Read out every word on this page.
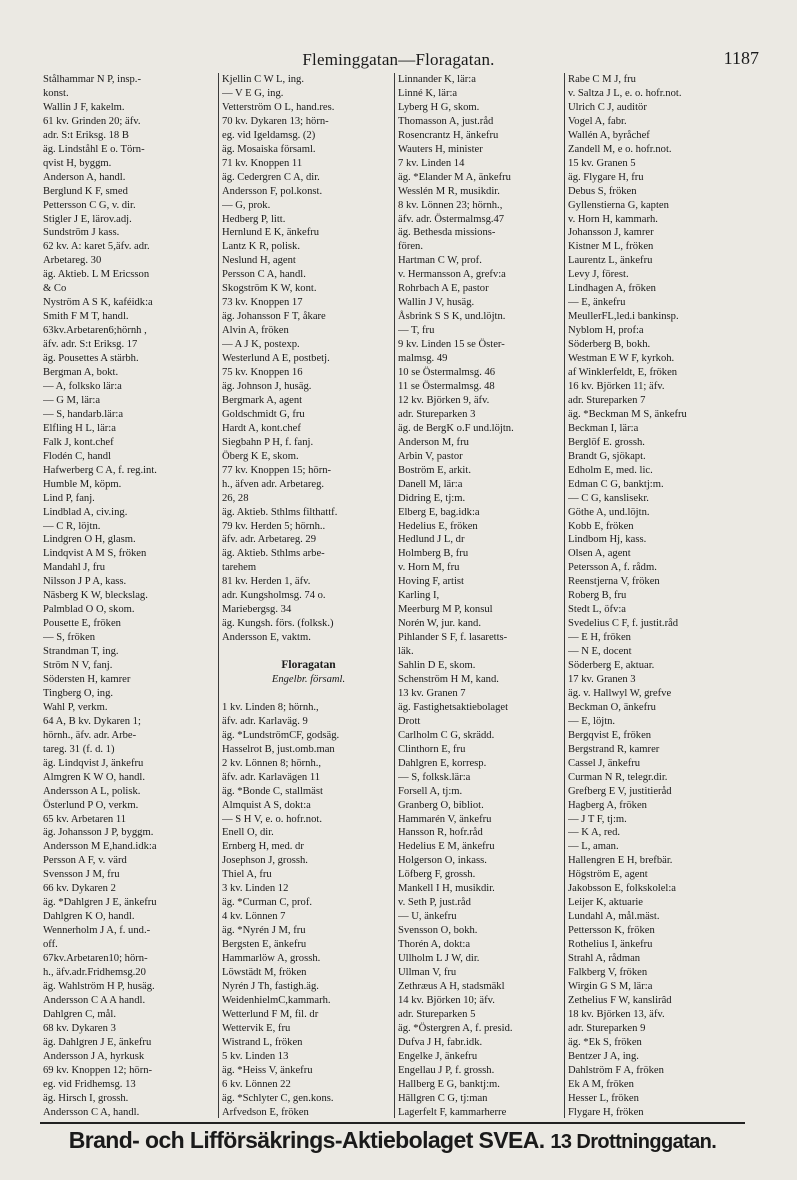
Fleminggatan—Floragatan.	1187
Stålhammar N P, insp.-
konst.
Wallin J F, kakelm.
61 kv. Grinden 20; äfv.
adr. S:t Eriksg. 18 B
äg. Lindståhl E o. Törn-
qvist H, byggm.
Anderson A, handl.
Berglund K F, smed
Pettersson C G, v. dir.
Stigler J E, lärov.adj.
Sundström J kass.
62 kv. A: karet 5,äfv. adr.
Arbetareg. 30
äg. Aktieb. L M Ericsson
& Co
Nyström A S K, kaféidk:a
Smith F M T, handl.
63kv.Arbetaren6;hörnh ,
äfv. adr. S:t Eriksg. 17
äg. Pousettes A stärbh.
Bergman A, bokt.
— A, folksko lär:a
— G M, lär:a
— S, handarb.lär:a
Elfling H L, lär:a
Falk J, kont.chef
Flodén C, handl
Hafwerberg C A, f. reg.int.
Humble M, köpm.
Lind P, fanj.
Lindblad A, civ.ing.
— C R, löjtn.
Lindgren O H, glasm.
Lindqvist A M S, fröken
Mandahl J, fru
Nilsson J P A, kass.
Näsberg K W, bleckslag.
Palmblad O O, skom.
Pousette E, fröken
— S, fröken
Strandman T, ing.
Ström N V, fanj.
Södersten H, kamrer
Tingberg O, ing.
Wahl P, verkm.
64 A, B kv. Dykaren 1;
hörnh., äfv. adr. Arbe-
tareg. 31 (f. d. 1)
äg. Lindqvist J, änkefru
Almgren K W O, handl.
Andersson A L, polisk.
Österlund P O, verkm.
65 kv. Arbetaren 11
äg. Johansson J P, byggm.
Andersson M E,hand.idk:a
Persson A F, v. värd
Svensson J M, fru
66 kv. Dykaren 2
äg. *Dahlgren J E, änkefru
Dahlgren K O, handl.
Wennerholm J A, f. und.-
off.
67kv.Arbetaren10; hörn-
h., äfv.adr.Fridhemsg.20
äg. Wahlström H P, husäg.
Andersson C A A handl.
Dahlgren C, mål.
68 kv. Dykaren 3
äg. Dahlgren J E, änkefru
Andersson J A, hyrkusk
69 kv. Knoppen 12; hörn-
eg. vid Fridhemsg. 13
äg. Hirsch I, grossh.
Andersson C A, handl.
Kjellin C W L, ing.
— V E G, ing.
Vetterström O L, hand.res.
70 kv. Dykaren 13; hörn-
eg. vid Igeldamsg. (2)
äg. Mosaiska församl.
71 kv. Knoppen 11
äg. Cedergren C A, dir.
Andersson F, pol.konst.
— G, prok.
Hedberg P, litt.
Hernlund E K, änkefru
Lantz K R, polisk.
Neslund H, agent
Persson C A, handl.
Skogström K W, kont.
73 kv. Knoppen 17
äg. Johansson F T, åkare
Alvin A, fröken
— A J K, postexp.
Westerlund A E, postbetj.
75 kv. Knoppen 16
äg. Johnson J, husäg.
Bergmark A, agent
Goldschmidt G, fru
Hardt A, kont.chef
Siegbahn P H, f. fanj.
Öberg K E, skom.
77 kv. Knoppen 15; hörn-
h., äfven adr. Arbetareg.
26, 28
äg. Aktieb. Sthlms filthattf.
79 kv. Herden 5; hörnh..
äfv. adr. Arbetareg. 29
äg. Aktieb. Sthlms arbe-
tarehem
81 kv. Herden 1, äfv.
adr. Kungsholmsg. 74 o.
Mariebergsg. 34
äg. Kungsh. förs. (folksk.)
Andersson E, vaktm.

Floragatan
Engelbr. församl.

1 kv. Linden 8; hörnh.,
äfv. adr. Karlaväg. 9
äg. *LundströmCF, godsäg.
Hasselrot B, just.omb.man
2 kv. Lönnen 8; hörnh.,
äfv. adr. Karlavägen 11
äg. *Bonde C, stallmäst
Almquist A S, dokt:a
— S H V, e. o. hofr.not.
Enell O, dir.
Ernberg H, med. dr
Josephson J, grossh.
Thiel A, fru
3 kv. Linden 12
äg. *Curman C, prof.
4 kv. Lönnen 7
äg. *Nyrén J M, fru
Bergsten E, änkefru
Hammarlöw A, grossh.
Löwstädt M, fröken
Nyrén J Th, fastigh.äg.
WeidenhielmC,kammarh.
Wetterlund F M, fil. dr
Wettervik E, fru
Wistrand L, fröken
5 kv. Linden 13
äg. *Heiss V, änkefru
6 kv. Lönnen 22
äg. *Schlyter C, gen.kons.
Arfvedson E, fröken
Linnander K, lär:a
Linné K, lär:a
Lyberg H G, skom.
Thomasson A, just.råd
Rosencrantz H, änkefru
Wauters H, minister
7 kv. Linden 14
äg. *Elander M A, änkefru
Wesslén M R, musikdir.
8 kv. Lönnen 23; hörnh.,
äfv. adr. Östermalmsg.47
äg. Bethesda missions-
fören.
Hartman C W, prof.
v. Hermansson A, grefv:a
Rohrbach A E, pastor
Wallin J V, husäg.
Åsbrink S S K, und.löjtn.
— T, fru
9 kv. Linden 15 se Öster-
malmsg. 49
10 se Östermalmsg. 46
11 se Östermalmsg. 48
12 kv. Björken 9, äfv.
adr. Stureparken 3
äg. de BergK o.F und.löjtn.
Anderson M, fru
Arbin V, pastor
Boström E, arkit.
Danell M, lär:a
Didring E, tj:m.
Elberg E, bag.idk:a
Hedelius E, fröken
Hedlund J L, dr
Holmberg B, fru
v. Horn M, fru
Hoving F, artist
Karling I,
Meerburg M P, konsul
Norén W, jur. kand.
Pihlander S F, f. lasaretts-
läk.
Sahlin D E, skom.
Schenström H M, kand.
13 kv. Granen 7
äg. Fastighetsaktiebolaget
Drott
Carlholm C G, skrädd.
Clinthorn E, fru
Dahlgren E, korresp.
— S, folksk.lär:a
Forsell A, tj:m.
Granberg O, bibliot.
Hammarén V, änkefru
Hansson R, hofr.råd
Hedelius E M, änkefru
Holgerson O, inkass.
Löfberg F, grossh.
Mankell I H, musikdir.
v. Seth P, just.råd
— U, änkefru
Svensson O, bokh.
Thorén A, dokt:a
Ullholm L J W, dir.
Ullman V, fru
Zethræus A H, stadsmäkl
14 kv. Björken 10; äfv.
adr. Stureparken 5
äg. *Östergren A, f. presid.
Dufva J H, fabr.idk.
Engelke J, änkefru
Engellau J P, f. grossh.
Hallberg E G, banktj:m.
Hällgren C G, tj:man
Lagerfelt F, kammarherre
Rabe C M J, fru
v. Saltza J L, e. o. hofr.not.
Ulrich C J, auditör
Vogel A, fabr.
Wallén A, byråchef
Zandell M, e o. hofr.not.
15 kv. Granen 5
äg. Flygare H, fru
Debus S, fröken
Gyllenstierna G, kapten
v. Horn H, kammarh.
Johansson J, kamrer
Kistner M L, fröken
Laurentz L, änkefru
Levy J, förest.
Lindhagen A, fröken
— E, änkefru
MeullerFL,led.i bankinsp.
Nyblom H, prof:a
Söderberg B, bokh.
Westman E W F, kyrkoh.
af Winklerfeldt, E, fröken
16 kv. Björken 11; äfv.
adr. Stureparken 7
äg. *Beckman M S, änkefru
Beckman I, lär:a
Berglöf E. grossh.
Brandt G, sjökapt.
Edholm E, med. lic.
Edman C G, banktj:m.
— C G, kanslisekr.
Göthe A, und.löjtn.
Kobb E, fröken
Lindbom Hj, kass.
Olsen A, agent
Petersson A, f. rådm.
Reenstjerna V, fröken
Roberg B, fru
Stedt L, öfv:a
Svedelius C F, f. justit.råd
— E H, fröken
— N E, docent
Söderberg E, aktuar.
17 kv. Granen 3
äg. v. Hallwyl W, grefve
Beckman O, änkefru
— E, löjtn.
Bergqvist E, fröken
Bergstrand R, kamrer
Cassel J, änkefru
Curman N R, telegr.dir.
Grefberg E V, justitieråd
Hagberg A, fröken
— J T F, tj:m.
— K A, red.
— L, aman.
Hallengren E H, brefbär.
Högström E, agent
Jakobsson E, folkskolel:a
Leijer K, aktuarie
Lundahl A, mål.mäst.
Pettersson K, fröken
Rothelius I, änkefru
Strahl A, rådman
Falkberg V, fröken
Wirgin G S M, lär:a
Zethelius F W, kanslirâd
18 kv. Björken 13, äfv.
adr. Stureparken 9
äg. *Ek S, fröken
Bentzer J A, ing.
Dahlström F A, fröken
Ek A M, fröken
Hesser L, fröken
Flygare H, fröken
Brand- och Lifförsäkrings-Aktiebolaget SVEA. 13 Drottninggatan.
